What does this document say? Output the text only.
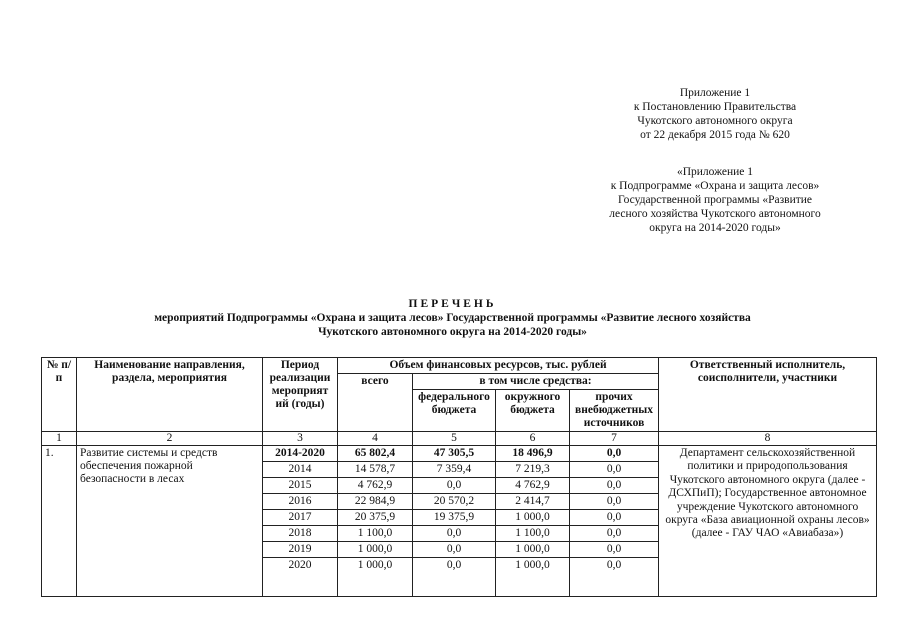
Приложение 1
к Постановлению Правительства
Чукотского автономного округа
от 22 декабря 2015 года № 620
«Приложение 1
к Подпрограмме «Охрана и защита лесов»
Государственной программы «Развитие
лесного хозяйства Чукотского автономного
округа на 2014-2020 годы»
ПЕРЕЧЕНЬ
мероприятий Подпрограммы «Охрана и защита лесов» Государственной программы «Развитие лесного хозяйства
Чукотского автономного округа на 2014-2020 годы»
№ п/п	Наименование направления, раздела, мероприятия	Период реализации мероприят ий (годы)	Объем финансовых ресурсов, тыс. рублей				Ответственный исполнитель, соисполнители, участники
			всего	в том числе средства:			
				федерального бюджета	окружного бюджета	прочих внебюджетных источников	
1	2	3	4	5	6	7	8
1.	Развитие системы и средств обеспечения пожарной безопасности в лесах	2014-2020	65 802,4	47 305,5	18 496,9	0,0	Департамент сельскохозяйственной политики и природопользования Чукотского автономного округа (далее - ДСХПиП); Государственное автономное учреждение Чукотского автономного округа «База авиационной охраны лесов» (далее - ГАУ ЧАО «Авиабаза»)
		2014	14 578,7	7 359,4	7 219,3	0,0	
		2015	4 762,9	0,0	4 762,9	0,0	
		2016	22 984,9	20 570,2	2 414,7	0,0	
		2017	20 375,9	19 375,9	1 000,0	0,0	
		2018	1 100,0	0,0	1 100,0	0,0	
		2019	1 000,0	0,0	1 000,0	0,0	
		2020	1 000,0	0,0	1 000,0	0,0	
